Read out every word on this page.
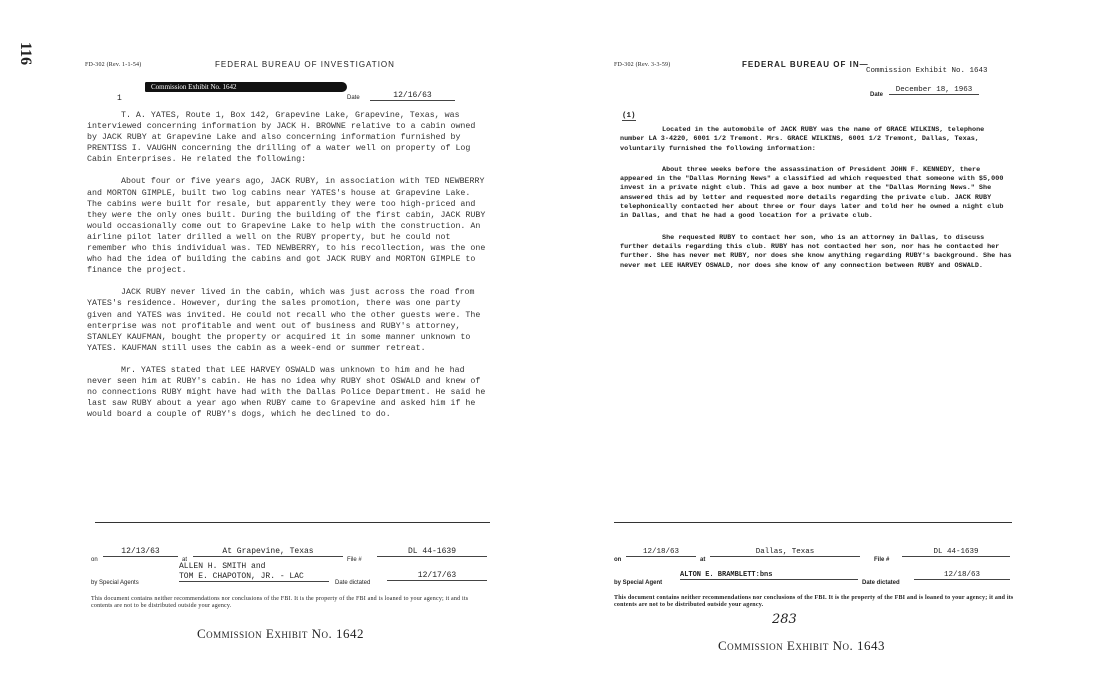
116	FD-302 (Rev. 1-1-54)	FEDERAL BUREAU OF INVESTIGATION
Commission Exhibit No. 1642
1	Date	12/16/63

T. A. YATES, Route 1, Box 142, Grapevine Lake, Grapevine, Texas, was interviewed concerning information by JACK H. BROWNE relative to a cabin owned by JACK RUBY at Grapevine Lake and also concerning information furnished by PRENTISS I. VAUGHN concerning the drilling of a water well on property of Log Cabin Enterprises. He related the following:

About four or five years ago, JACK RUBY, in association with TED NEWBERRY and MORTON GIMPLE, built two log cabins near YATES's house at Grapevine Lake. The cabins were built for resale, but apparently they were too high-priced and they were the only ones built. During the building of the first cabin, JACK RUBY would occasionally come out to Grapevine Lake to help with the construction. An airline pilot later drilled a well on the RUBY property, but he could not remember who this individual was. TED NEWBERRY, to his recollection, was the one who had the idea of building the cabins and got JACK RUBY and MORTON GIMPLE to finance the project.

JACK RUBY never lived in the cabin, which was just across the road from YATES's residence. However, during the sales promotion, there was one party given and YATES was invited. He could not recall who the other guests were. The enterprise was not profitable and went out of business and RUBY's attorney, STANLEY KAUFMAN, bought the property or acquired it in some manner unknown to YATES. KAUFMAN still uses the cabin as a week-end or summer retreat.

Mr. YATES stated that LEE HARVEY OSWALD was unknown to him and he had never seen him at RUBY's cabin. He has no idea why RUBY shot OSWALD and knew of no connections RUBY might have had with the Dallas Police Department. He said he last saw RUBY about a year ago when RUBY came to Grapevine and asked him if he would board a couple of RUBY's dogs, which he declined to do.

on
12/13/63
at
At Grapevine, Texas
File #
DL 44-1639
by Special Agents
ALLEN H. SMITH and
TOM E. CHAPOTON, JR. - LAC
Date dictated
12/17/63
This document contains neither recommendations nor conclusions of the FBI. It is the property of the FBI and is loaned to your agency; it and its contents are not to be distributed outside your agency.
Commission Exhibit No. 1642
FD-302 (Rev. 3-3-59)	FEDERAL BUREAU OF IN—
Commission Exhibit No. 1643
Date
December 18, 1963
(1)

Located in the automobile of JACK RUBY was the name of GRACE WILKINS, telephone number LA 3-4220, 6001 1/2 Tremont. Mrs. GRACE WILKINS, 6001 1/2 Tremont, Dallas, Texas, voluntarily furnished the following information:

About three weeks before the assassination of President JOHN F. KENNEDY, there appeared in the "Dallas Morning News" a classified ad which requested that someone with $5,000 invest in a private night club. This ad gave a box number at the "Dallas Morning News." She answered this ad by letter and requested more details regarding the private club. JACK RUBY telephonically contacted her about three or four days later and told her he owned a night club in Dallas, and that he had a good location for a private club.

She requested RUBY to contact her son, who is an attorney in Dallas, to discuss further details regarding this club. RUBY has not contacted her son, nor has he contacted her further. She has never met RUBY, nor does she know anything regarding RUBY's background. She has never met LEE HARVEY OSWALD, nor does she know of any connection between RUBY and OSWALD.

on
12/18/63
at
Dallas, Texas
File #
DL 44-1639
by Special Agent
ALTON E. BRAMBLETT:bns
Date dictated
12/18/63
This document contains neither recommendations nor conclusions of the FBI. It is the property of the FBI and is loaned to your agency; it and its contents are not to be distributed outside your agency.
283
Commission Exhibit No. 1643
